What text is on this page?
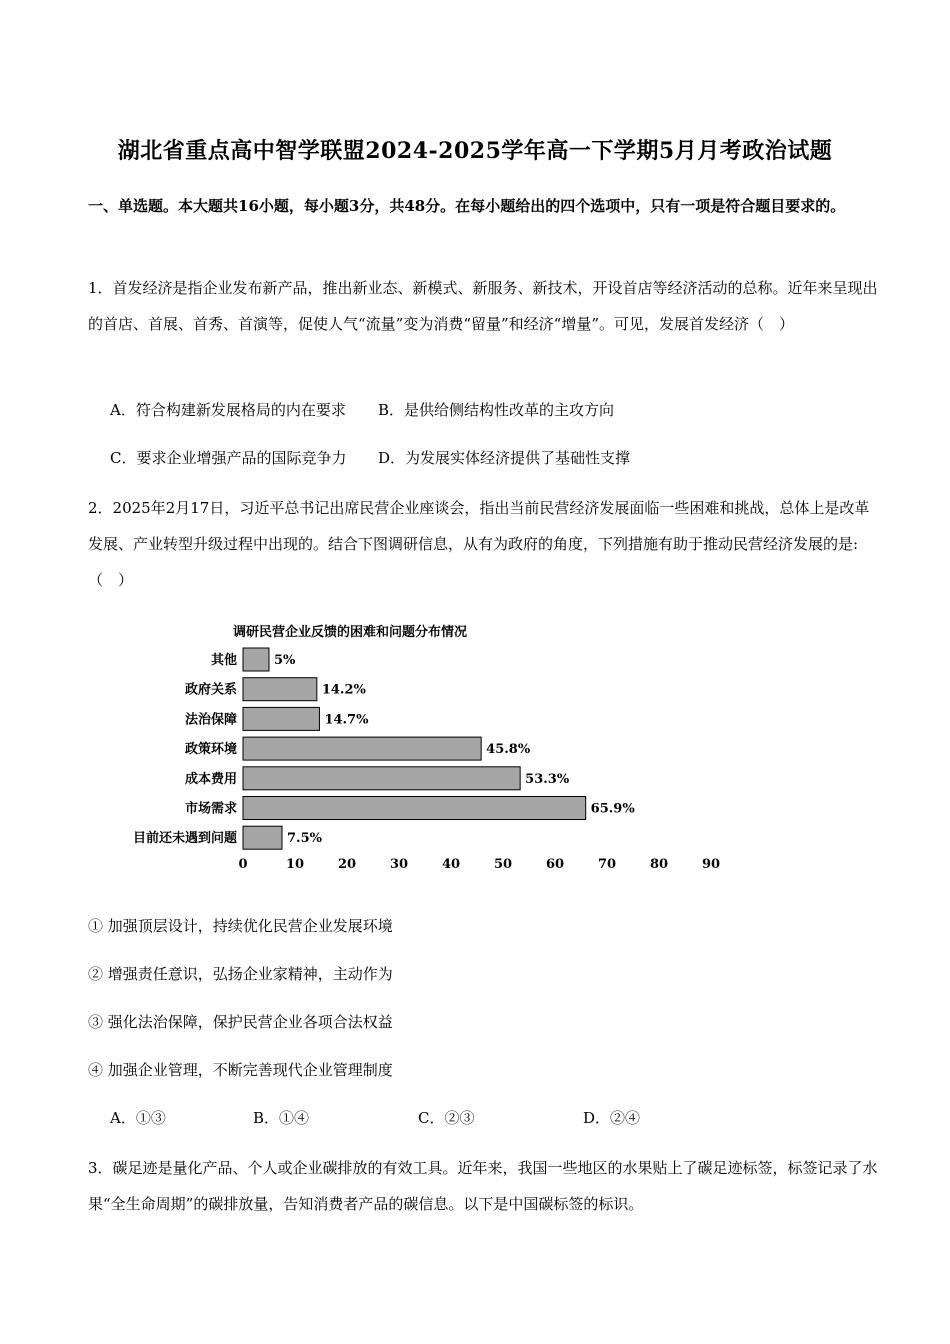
湖北省重点高中智学联盟2024-2025学年高一下学期5月月考政治试题
一、单选题。本大题共16小题，每小题3分，共48分。在每小题给出的四个选项中，只有一项是符合题目要求的。
1．首发经济是指企业发布新产品，推出新业态、新模式、新服务、新技术，开设首店等经济活动的总称。近年来呈现出的首店、首展、首秀、首演等，促使人气“流量”变为消费“留量”和经济“增量”。可见，发展首发经济（　）
A．符合构建新发展格局的内在要求 B．是供给侧结构性改革的主攻方向
C．要求企业增强产品的国际竞争力 D．为发展实体经济提供了基础性支撑
2．2025年2月17日，习近平总书记出席民营企业座谈会，指出当前民营经济发展面临一些困难和挑战，总体上是改革发展、产业转型升级过程中出现的。结合下图调研信息，从有为政府的角度，下列措施有助于推动民营经济发展的是:（　）
调研民营企业反馈的困难和问题分布情况
其他	5%
政府关系	14.2%
法治保障	14.7%
政策环境	45.8%
成本费用	53.3%
市场需求	65.9%
目前还未遇到问题	7.5%
0	10	20	30	40	50	60	70	80	90
① 加强顶层设计，持续优化民营企业发展环境
② 增强责任意识，弘扬企业家精神，主动作为
③ 强化法治保障，保护民营企业各项合法权益
④ 加强企业管理，不断完善现代企业管理制度
A．①③	B．①④	C．②③	D．②④
3．碳足迹是量化产品、个人或企业碳排放的有效工具。近年来，我国一些地区的水果贴上了碳足迹标签，标签记录了水果“全生命周期”的碳排放量，告知消费者产品的碳信息。以下是中国碳标签的标识。
